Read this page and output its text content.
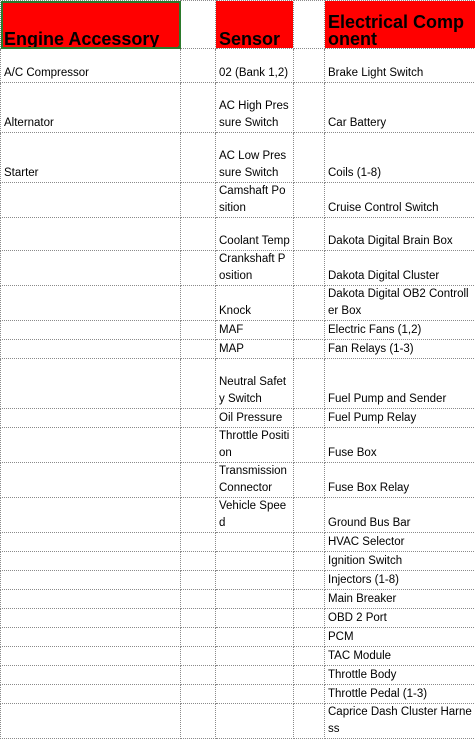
Engine Accessory		Sensor		Electrical Component

A/C Compressor		02 (Bank 1,2)		Brake Light Switch

Alternator		AC High Pressure Switch		Car Battery

Starter		AC Low Pressure Switch		Coils (1-8)

		Camshaft Position		Cruise Control Switch

		Coolant Temp		Dakota Digital Brain Box

		Crankshaft Position		Dakota Digital Cluster

		Knock		Dakota Digital OB2 Controller Box

		MAF		Electric Fans (1,2)

		MAP		Fan Relays (1-3)

		Neutral Safety Switch		Fuel Pump and Sender

		Oil Pressure		Fuel Pump Relay

		Throttle Position		Fuse Box

		Transmission Connector		Fuse Box Relay

		Vehicle Speed		Ground Bus Bar

				HVAC Selector

				Ignition Switch

				Injectors (1-8)

				Main Breaker

				OBD 2 Port

				PCM

				TAC Module

				Throttle Body

				Throttle Pedal (1-3)

				Caprice Dash Cluster Harness
